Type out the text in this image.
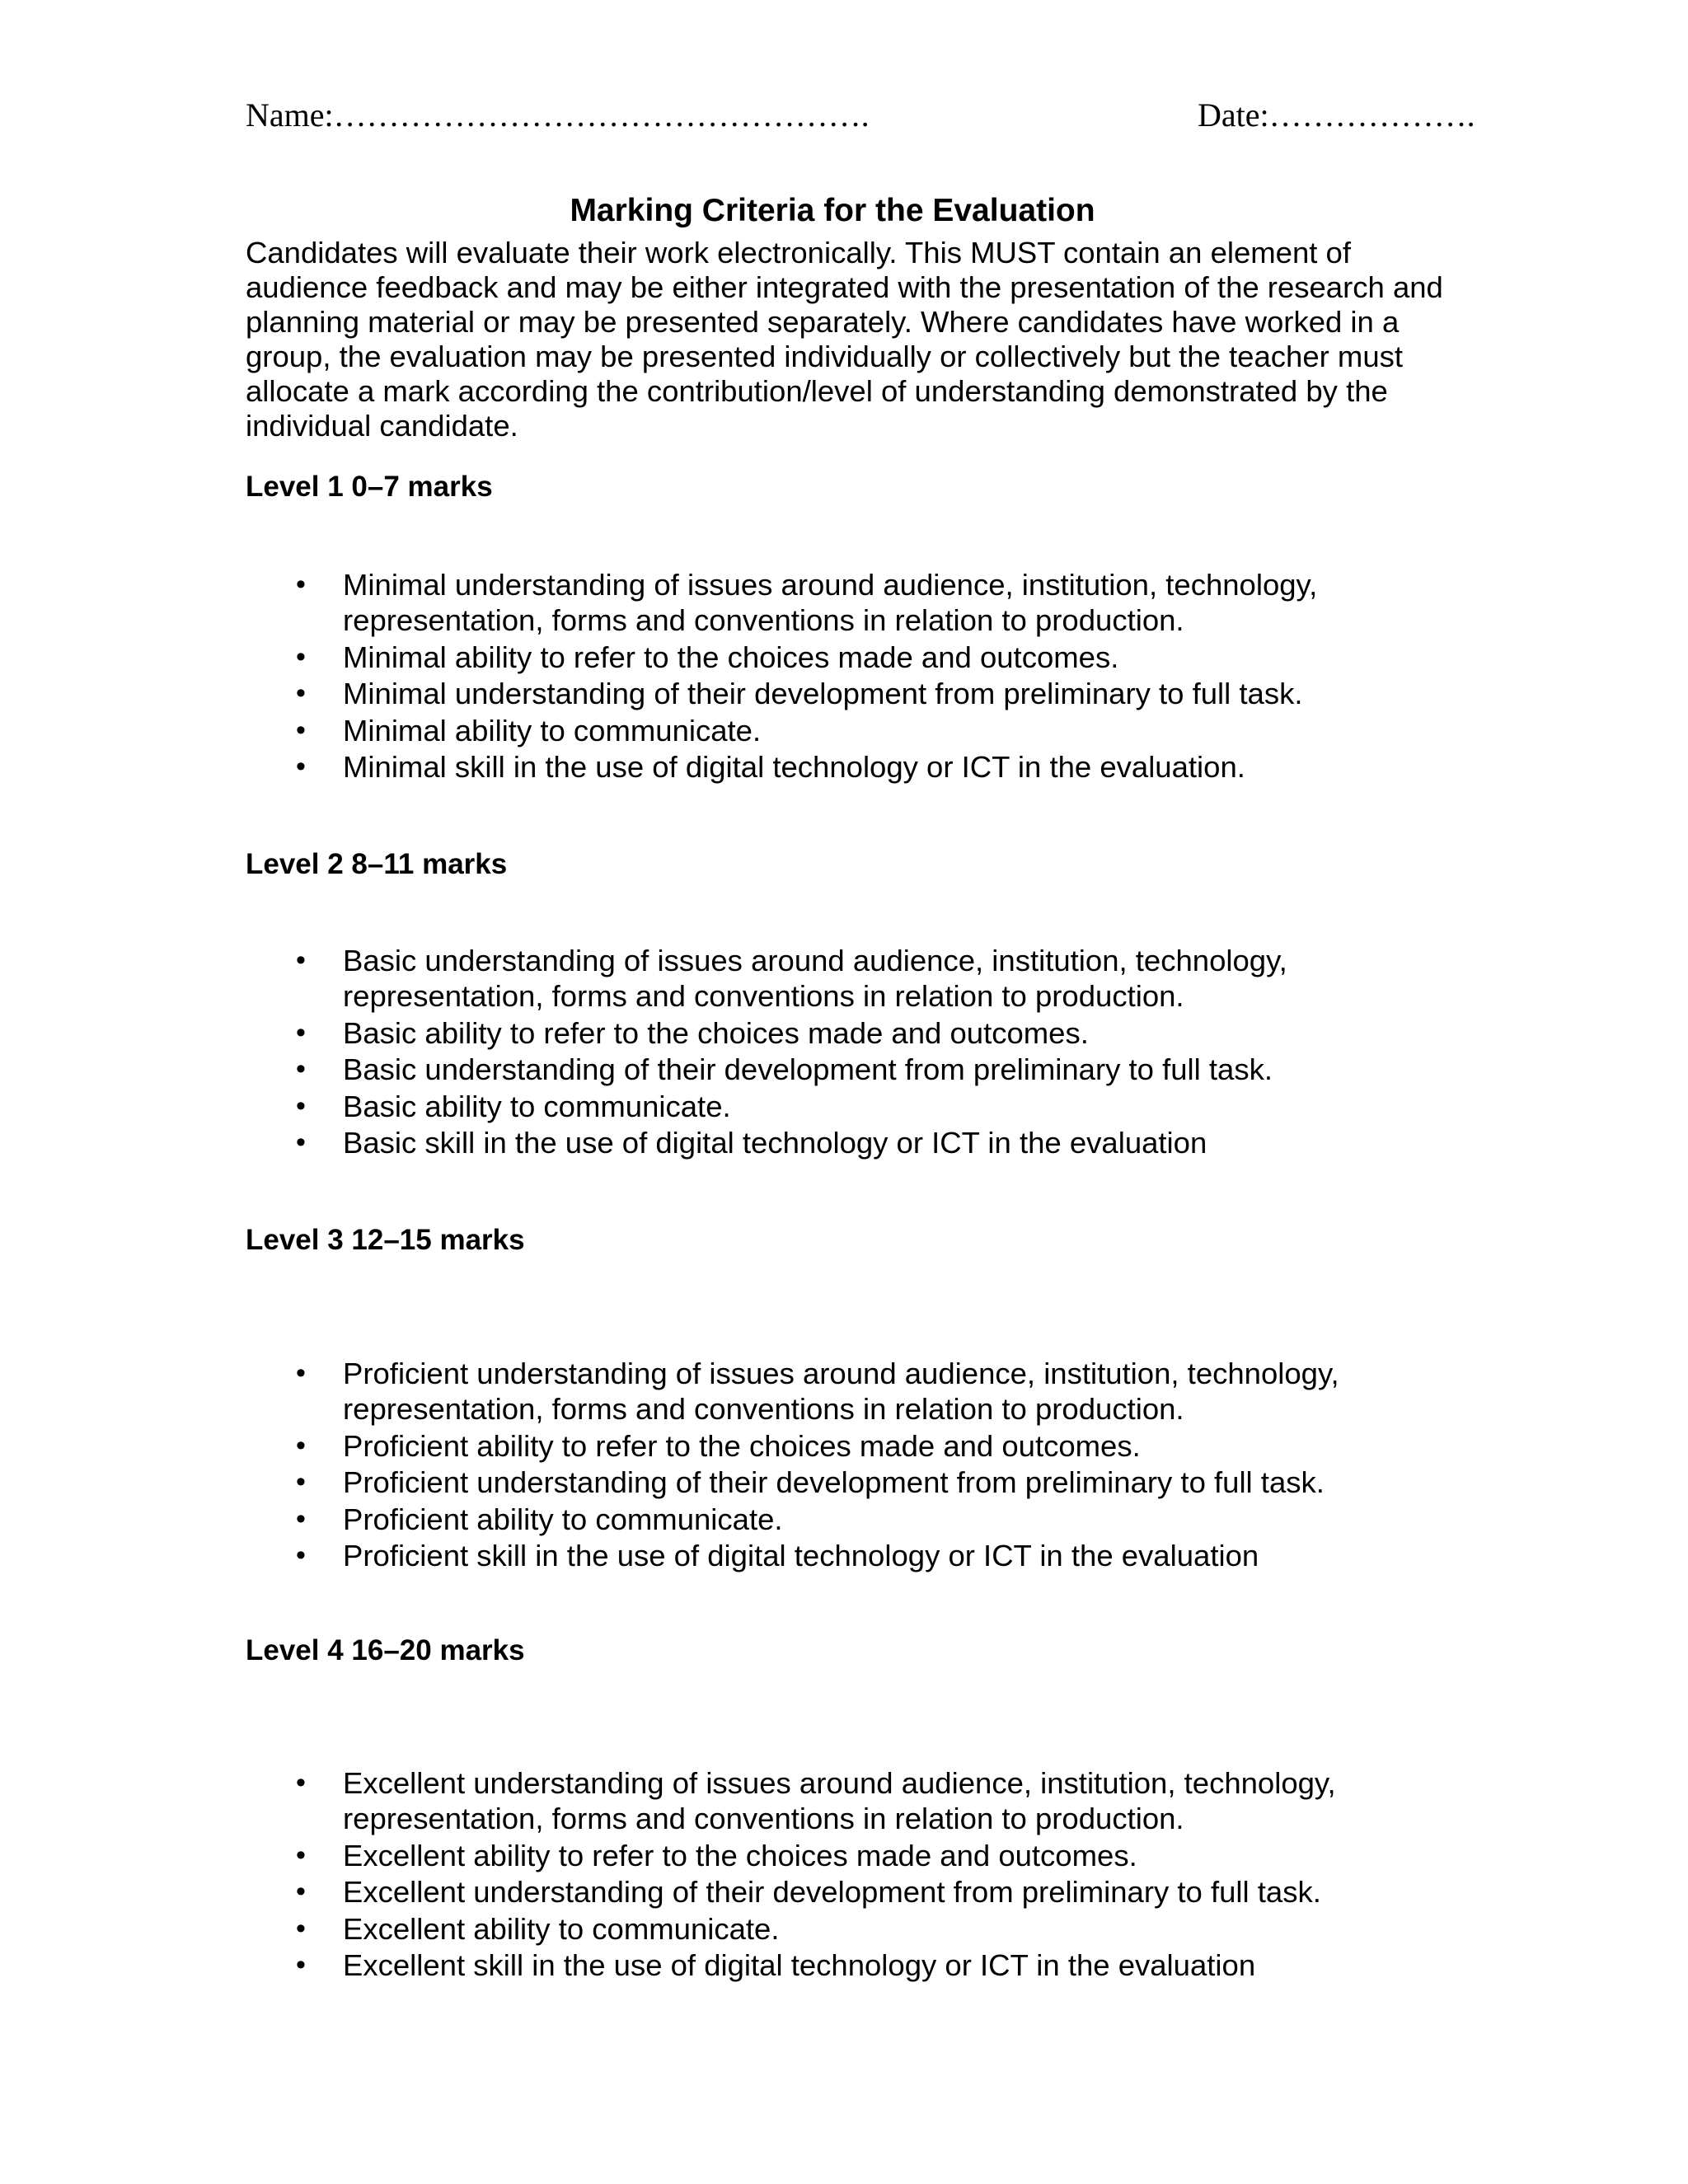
Name:………………………………………….	Date:……………….
Marking Criteria for the Evaluation

Candidates will evaluate their work electronically. This MUST contain an element of audience feedback and may be either integrated with the presentation of the research and planning material or may be presented separately. Where candidates have worked in a group, the evaluation may be presented individually or collectively but the teacher must allocate a mark according the contribution/level of understanding demonstrated by the individual candidate.

Level 1 0–7 marks
• Minimal understanding of issues around audience, institution, technology, representation, forms and conventions in relation to production.
• Minimal ability to refer to the choices made and outcomes.
• Minimal understanding of their development from preliminary to full task.
• Minimal ability to communicate.
• Minimal skill in the use of digital technology or ICT in the evaluation.
Level 2 8–11 marks
• Basic understanding of issues around audience, institution, technology, representation, forms and conventions in relation to production.
• Basic ability to refer to the choices made and outcomes.
• Basic understanding of their development from preliminary to full task.
• Basic ability to communicate.
• Basic skill in the use of digital technology or ICT in the evaluation
Level 3 12–15 marks
• Proficient understanding of issues around audience, institution, technology, representation, forms and conventions in relation to production.
• Proficient ability to refer to the choices made and outcomes.
• Proficient understanding of their development from preliminary to full task.
• Proficient ability to communicate.
• Proficient skill in the use of digital technology or ICT in the evaluation
Level 4 16–20 marks
• Excellent understanding of issues around audience, institution, technology, representation, forms and conventions in relation to production.
• Excellent ability to refer to the choices made and outcomes.
• Excellent understanding of their development from preliminary to full task.
• Excellent ability to communicate.
• Excellent skill in the use of digital technology or ICT in the evaluation
